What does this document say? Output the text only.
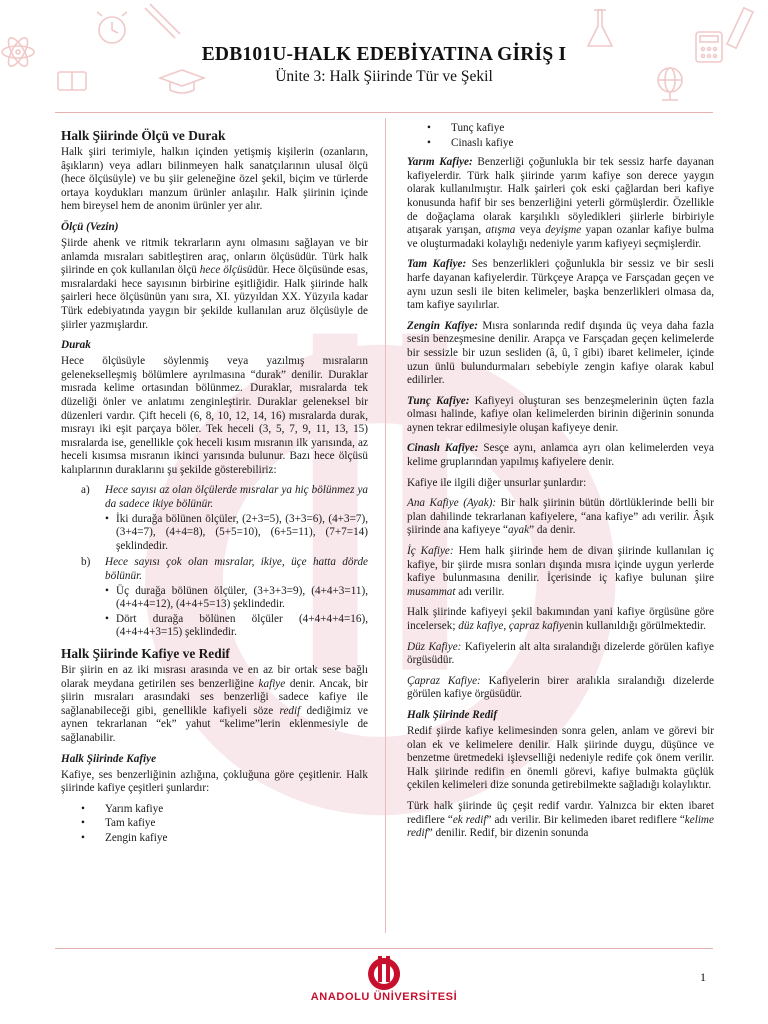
EDB101U-HALK EDEBİYATINA GİRİŞ I
Ünite 3: Halk Şiirinde Tür ve Şekil
Halk Şiirinde Ölçü ve Durak

Halk şiiri terimiyle, halkın içinden yetişmiş kişilerin (ozanların, âşıkların) veya adları bilinmeyen halk sanatçılarının ulusal ölçü (hece ölçüsüyle) ve bu şiir geleneğine özel şekil, biçim ve türlerde ortaya koydukları manzum ürünler anlaşılır. Halk şiirinin içinde hem bireysel hem de anonim ürünler yer alır.

Ölçü (Vezin)

Şiirde ahenk ve ritmik tekrarların aynı olmasını sağlayan ve bir anlamda mısraları sabitleştiren araç, onların ölçüsüdür. Türk halk şiirinde en çok kullanılan ölçü hece ölçüsüdür. Hece ölçüsünde esas, mısralardaki hece sayısının birbirine eşitliğidir. Halk şiirinde halk şairleri hece ölçüsünün yanı sıra, XI. yüzyıldan XX. Yüzyıla kadar Türk edebiyatında yaygın bir şekilde kullanılan aruz ölçüsüyle de şiirler yazmışlardır.

Durak

Hece ölçüsüyle söylenmiş veya yazılmış mısraların gelenekselleşmiş bölümlere ayrılmasına “durak” denilir. Duraklar mısrada kelime ortasından bölünmez. Duraklar, mısralarda tek düzeliği önler ve anlatımı zenginleştirir. Duraklar geleneksel bir düzenleri vardır. Çift heceli (6, 8, 10, 12, 14, 16) mısralarda durak, mısrayı iki eşit parçaya böler. Tek heceli (3, 5, 7, 9, 11, 13, 15) mısralarda ise, genellikle çok heceli kısım mısranın ilk yarısında, az heceli kısımsa mısranın ikinci yarısında bulunur. Bazı hece ölçüsü kalıplarının duraklarını şu şekilde gösterebiliriz:

a) Hece sayısı az olan ölçülerde mısralar ya hiç bölünmez ya da sadece ikiye bölünür.
• İki durağa bölünen ölçüler, (2+3=5), (3+3=6), (4+3=7), (3+4=7), (4+4=8), (5+5=10), (6+5=11), (7+7=14) şeklindedir.
b) Hece sayısı çok olan mısralar, ikiye, üçe hatta dörde bölünür.
• Üç durağa bölünen ölçüler, (3+3+3=9), (4+4+3=11), (4+4+4=12), (4+4+5=13) şeklindedir.
• Dört durağa bölünen ölçüler (4+4+4+4=16), (4+4+4+3=15) şeklindedir.
Halk Şiirinde Kafiye ve Redif

Bir şiirin en az iki mısrası arasında ve en az bir ortak sese bağlı olarak meydana getirilen ses benzerliğine kafiye denir. Ancak, bir şiirin mısraları arasındaki ses benzerliği sadece kafiye ile sağlanabileceği gibi, genellikle kafiyeli söze redif dediğimiz ve aynen tekrarlanan “ek” yahut “kelime”lerin eklenmesiyle de sağlanabilir.

Halk Şiirinde Kafiye

Kafiye, ses benzerliğinin azlığına, çokluğuna göre çeşitlenir. Halk şiirinde kafiye çeşitleri şunlardır:

• Yarım kafiye
• Tam kafiye
• Zengin kafiye
• Tunç kafiye
• Cinaslı kafiye

Yarım Kafiye: Benzerliği çoğunlukla bir tek sessiz harfe dayanan kafiyelerdir. Türk halk şiirinde yarım kafiye son derece yaygın olarak kullanılmıştır. Halk şairleri çok eski çağlardan beri kafiye konusunda hafif bir ses benzerliğini yeterli görmüşlerdir. Özellikle de doğaçlama olarak karşılıklı söyledikleri şiirlerle birbiriyle atışarak yarışan, atışma veya deyişme yapan ozanlar kafiye bulma ve oluşturmadaki kolaylığı nedeniyle yarım kafiyeyi seçmişlerdir.

Tam Kafiye: Ses benzerlikleri çoğunlukla bir sessiz ve bir sesli harfe dayanan kafiyelerdir. Türkçeye Arapça ve Farsçadan geçen ve aynı uzun sesli ile biten kelimeler, başka benzerlikleri olmasa da, tam kafiye sayılırlar.

Zengin Kafiye: Mısra sonlarında redif dışında üç veya daha fazla sesin benzeşmesine denilir. Arapça ve Farsçadan geçen kelimelerde bir sessizle bir uzun sesliden (â, û, î gibi) ibaret kelimeler, içinde uzun ünlü bulundurmaları sebebiyle zengin kafiye olarak kabul edilirler.

Tunç Kafiye: Kafiyeyi oluşturan ses benzeşmelerinin üçten fazla olması halinde, kafiye olan kelimelerden birinin diğerinin sonunda aynen tekrar edilmesiyle oluşan kafiyeye denir.

Cinaslı Kafiye: Sesçe aynı, anlamca ayrı olan kelimelerden veya kelime gruplarından yapılmış kafiyelere denir.

Kafiye ile ilgili diğer unsurlar şunlardır:

Ana Kafiye (Ayak): Bir halk şiirinin bütün dörtlüklerinde belli bir plan dahilinde tekrarlanan kafiyelere, “ana kafiye” adı verilir. Âşık şiirinde ana kafiyeye “ayak” da denir.

İç Kafiye: Hem halk şiirinde hem de divan şiirinde kullanılan iç kafiye, bir şiirde mısra sonları dışında mısra içinde uygun yerlerde kafiye bulunmasına denilir. İçerisinde iç kafiye bulunan şiire musammat adı verilir.

Halk şiirinde kafiyeyi şekil bakımından yani kafiye örgüsüne göre incelersek; düz kafiye, çapraz kafiyenin kullanıldığı görülmektedir.

Düz Kafiye: Kafiyelerin alt alta sıralandığı dizelerde görülen kafiye örgüsüdür.

Çapraz Kafiye: Kafiyelerin birer aralıkla sıralandığı dizelerde görülen kafiye örgüsüdür.

Halk Şiirinde Redif

Redif şiirde kafiye kelimesinden sonra gelen, anlam ve görevi bir olan ek ve kelimelere denilir. Halk şiirinde duygu, düşünce ve benzetme üretmedeki işlevselliği nedeniyle redife çok önem verilir. Halk şiirinde redifin en önemli görevi, kafiye bulmakta güçlük çekilen kelimeleri dize sonunda getirebilmekte sağladığı kolaylıktır.

Türk halk şiirinde üç çeşit redif vardır. Yalnızca bir ekten ibaret rediflere “ek redif” adı verilir. Bir kelimeden ibaret rediflere “kelime redif” denilir. Redif, bir dizenin sonunda

ANADOLU ÜNİVERSİTESİ
1
